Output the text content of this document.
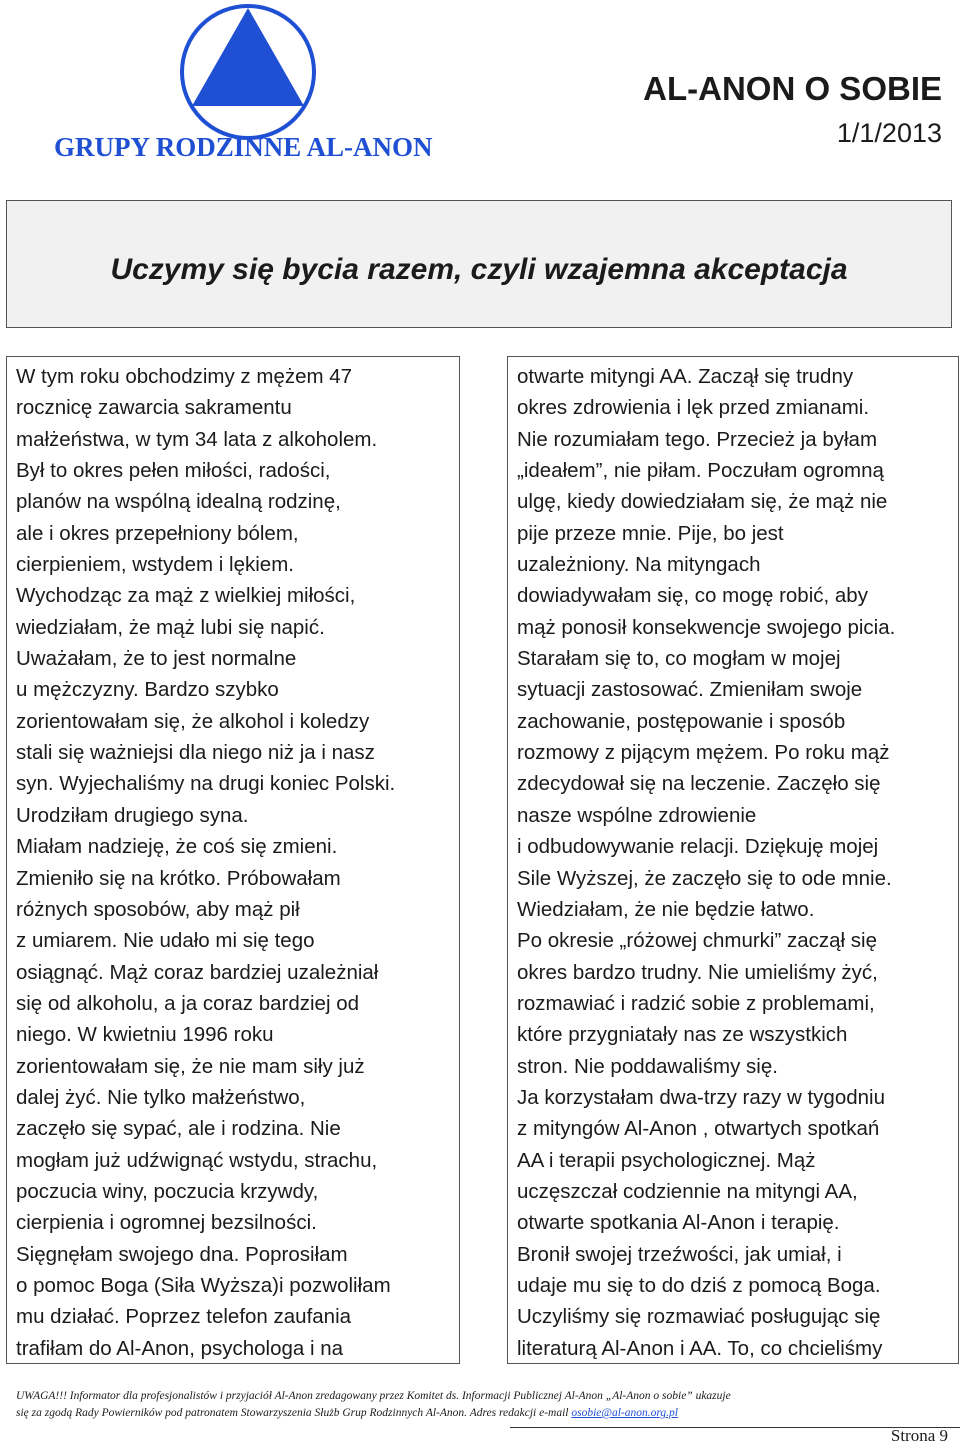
GRUPY RODZINNE AL-ANON
AL-ANON O SOBIE
1/1/2013
Uczymy się bycia razem, czyli wzajemna akceptacja
W tym roku obchodzimy z mężem 47
rocznicę zawarcia sakramentu
małżeństwa, w tym 34 lata z alkoholem.
Był to okres pełen miłości, radości,
planów na wspólną idealną rodzinę,
ale i okres przepełniony bólem,
cierpieniem, wstydem i lękiem.
Wychodząc za mąż z wielkiej miłości,
wiedziałam, że mąż lubi się napić.
Uważałam, że to jest normalne
u mężczyzny. Bardzo szybko
zorientowałam się, że alkohol i koledzy
stali się ważniejsi dla niego niż ja i nasz
syn. Wyjechaliśmy na drugi koniec Polski.
Urodziłam drugiego syna.
Miałam nadzieję, że coś się zmieni.
Zmieniło się na krótko. Próbowałam
różnych sposobów, aby mąż pił
z umiarem. Nie udało mi się tego
osiągnąć. Mąż coraz bardziej uzależniał
się od alkoholu, a ja coraz bardziej od
niego. W kwietniu 1996 roku
zorientowałam się, że nie mam siły już
dalej żyć. Nie tylko małżeństwo,
zaczęło się sypać, ale i rodzina. Nie
mogłam już udźwignąć wstydu, strachu,
poczucia winy, poczucia krzywdy,
cierpienia i ogromnej bezsilności.
Sięgnęłam swojego dna. Poprosiłam
o pomoc Boga (Siła Wyższa)i pozwoliłam
mu działać. Poprzez telefon zaufania
trafiłam do Al-Anon, psychologa i na
otwarte mityngi AA. Zaczął się trudny
okres zdrowienia i lęk przed zmianami.
Nie rozumiałam tego. Przecież ja byłam
„ideałem”, nie piłam. Poczułam ogromną
ulgę, kiedy dowiedziałam się, że mąż nie
pije przeze mnie. Pije, bo jest
uzależniony. Na mityngach
dowiadywałam się, co mogę robić, aby
mąż ponosił konsekwencje swojego picia.
Starałam się to, co mogłam w mojej
sytuacji zastosować. Zmieniłam swoje
zachowanie, postępowanie i sposób
rozmowy z pijącym mężem. Po roku mąż
zdecydował się na leczenie. Zaczęło się
nasze wspólne zdrowienie
i odbudowywanie relacji. Dziękuję mojej
Sile Wyższej, że zaczęło się to ode mnie.
Wiedziałam, że nie będzie łatwo.
Po okresie „różowej chmurki” zaczął się
okres bardzo trudny. Nie umieliśmy żyć,
rozmawiać i radzić sobie z problemami,
które przygniatały nas ze wszystkich
stron. Nie poddawaliśmy się.
Ja korzystałam dwa-trzy razy w tygodniu
z mityngów Al-Anon , otwartych spotkań
AA i terapii psychologicznej. Mąż
uczęszczał codziennie na mityngi AA,
otwarte spotkania Al-Anon i terapię.
Bronił swojej trzeźwości, jak umiał, i
udaje mu się to do dziś z pomocą Boga.
Uczyliśmy się rozmawiać posługując się
literaturą Al-Anon i AA. To, co chcieliśmy
UWAGA!!! Informator dla profesjonalistów i przyjaciół Al-Anon zredagowany przez Komitet ds. Informacji Publicznej Al-Anon „Al-Anon o sobie” ukazuje
się za zgodą Rady Powierników pod patronatem Stowarzyszenia Służb Grup Rodzinnych Al-Anon. Adres redakcji e-mail osobie@al-anon.org.pl
Strona 9
